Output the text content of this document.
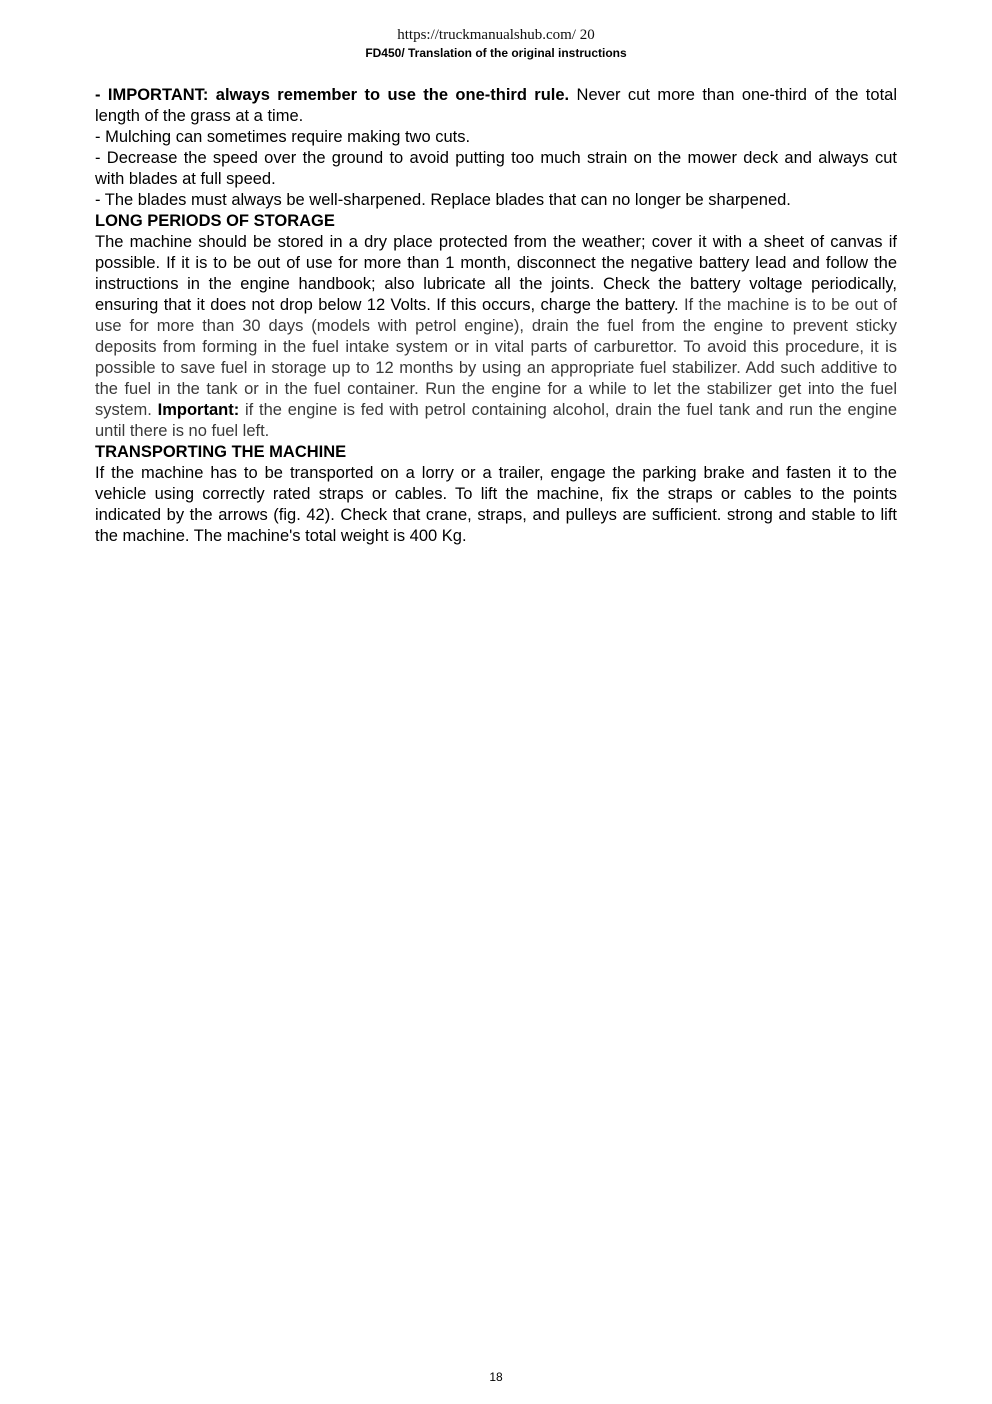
https://truckmanualshub.com/ 20
FD450/ Translation of the original instructions

- IMPORTANT: always remember to use the one-third rule. Never cut more than one-third of the total length of the grass at a time.

- Mulching can sometimes require making two cuts.

- Decrease the speed over the ground to avoid putting too much strain on the mower deck and always cut with blades at full speed.

- The blades must always be well-sharpened. Replace blades that can no longer be sharpened.

LONG PERIODS OF STORAGE

The machine should be stored in a dry place protected from the weather; cover it with a sheet of canvas if possible. If it is to be out of use for more than 1 month, disconnect the negative battery lead and follow the instructions in the engine handbook; also lubricate all the joints. Check the battery voltage periodically, ensuring that it does not drop below 12 Volts. If this occurs, charge the battery. If the machine is to be out of use for more than 30 days (models with petrol engine), drain the fuel from the engine to prevent sticky deposits from forming in the fuel intake system or in vital parts of carburettor. To avoid this procedure, it is possible to save fuel in storage up to 12 months by using an appropriate fuel stabilizer. Add such additive to the fuel in the tank or in the fuel container. Run the engine for a while to let the stabilizer get into the fuel system. Important: if the engine is fed with petrol containing alcohol, drain the fuel tank and run the engine until there is no fuel left.

TRANSPORTING THE MACHINE

If the machine has to be transported on a lorry or a trailer, engage the parking brake and fasten it to the vehicle using correctly rated straps or cables. To lift the machine, fix the straps or cables to the points indicated by the arrows (fig. 42). Check that crane, straps, and pulleys are sufficient. strong and stable to lift the machine. The machine's total weight is 400 Kg.

18
